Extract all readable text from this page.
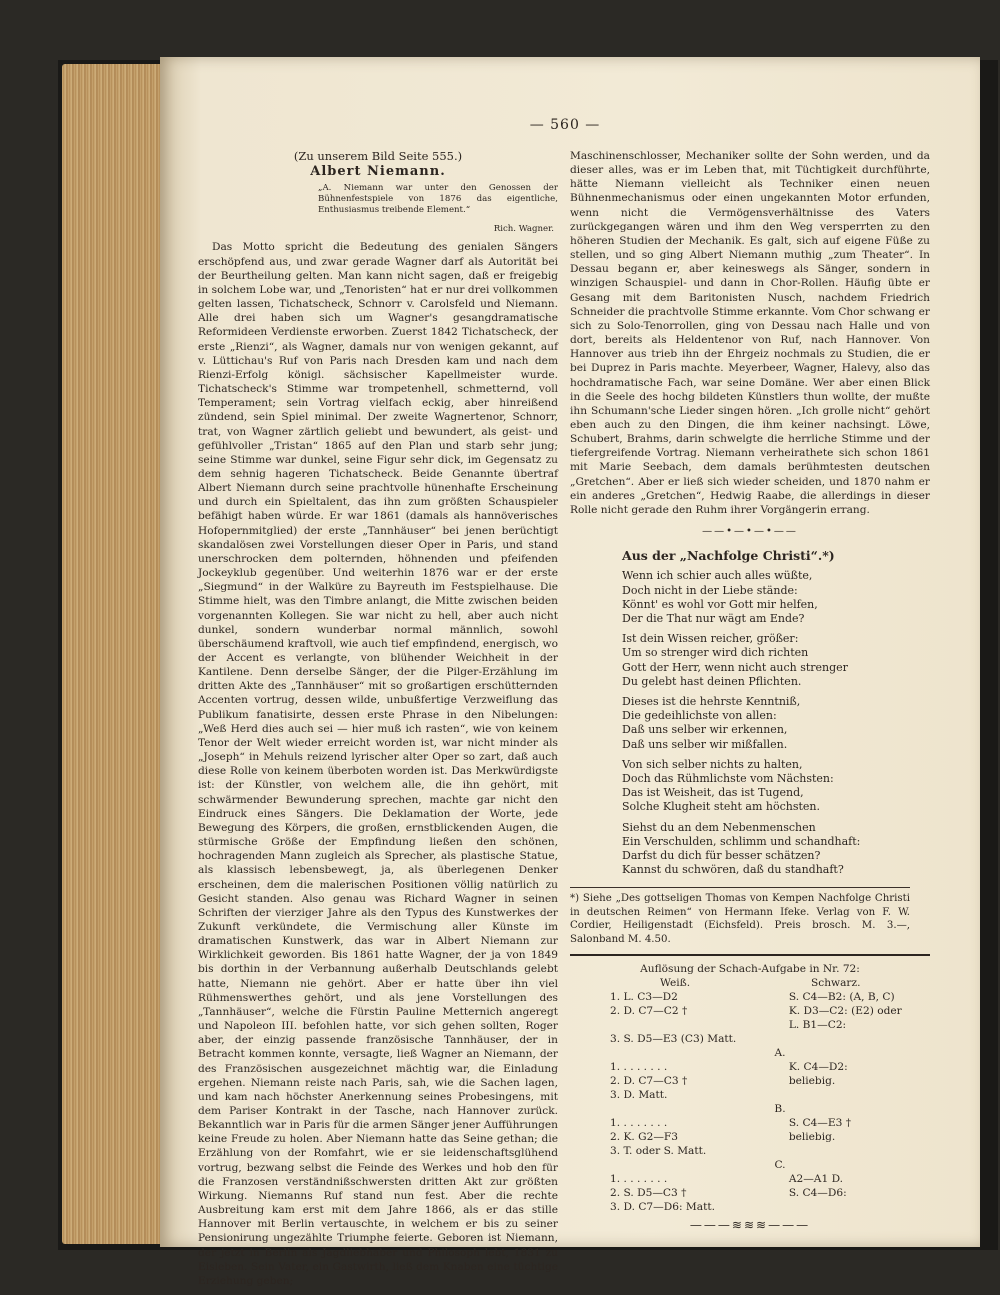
— 560 —
(Zu unserem Bild Seite 555.)
Albert Niemann.
„A. Niemann war unter den Genossen der Bühnenfestspiele von 1876 das eigentliche, Enthusiasmus treibende Element.“
Rich. Wagner.

Das Motto spricht die Bedeutung des genialen Sängers erschöpfend aus, und zwar gerade Wagner darf als Autorität bei der Beurtheilung gelten. Man kann nicht sagen, daß er freigebig in solchem Lobe war, und „Tenoristen“ hat er nur drei vollkommen gelten lassen, Tichatscheck, Schnorr v. Carolsfeld und Niemann. Alle drei haben sich um Wagner's gesangdramatische Reformideen Verdienste erworben. Zuerst 1842 Tichatscheck, der erste „Rienzi“, als Wagner, damals nur von wenigen gekannt, auf v. Lüttichau's Ruf von Paris nach Dresden kam und nach dem Rienzi-Erfolg königl. sächsischer Kapellmeister wurde. Tichatscheck's Stimme war trompetenhell, schmetternd, voll Temperament; sein Vortrag vielfach eckig, aber hinreißend zündend, sein Spiel minimal. Der zweite Wagnertenor, Schnorr, trat, von Wagner zärtlich geliebt und bewundert, als geist- und gefühlvoller „Tristan“ 1865 auf den Plan und starb sehr jung; seine Stimme war dunkel, seine Figur sehr dick, im Gegensatz zu dem sehnig hageren Tichatscheck. Beide Genannte übertraf Albert Niemann durch seine prachtvolle hünenhafte Erscheinung und durch ein Spieltalent, das ihn zum größten Schauspieler befähigt haben würde. Er war 1861 (damals als hannöverisches Hofopernmitglied) der erste „Tannhäuser“ bei jenen berüchtigt skandalösen zwei Vorstellungen dieser Oper in Paris, und stand unerschrocken dem polternden, höhnenden und pfeifenden Jockeyklub gegenüber. Und weiterhin 1876 war er der erste „Siegmund“ in der Walküre zu Bayreuth im Festspielhause. Die Stimme hielt, was den Timbre anlangt, die Mitte zwischen beiden vorgenannten Kollegen. Sie war nicht zu hell, aber auch nicht dunkel, sondern wunderbar normal männlich, sowohl überschäumend kraftvoll, wie auch tief empfindend, energisch, wo der Accent es verlangte, von blühender Weichheit in der Kantilene. Denn derselbe Sänger, der die Pilger-Erzählung im dritten Akte des „Tannhäuser“ mit so großartigen erschütternden Accenten vortrug, dessen wilde, unbußfertige Verzweiflung das Publikum fanatisirte, dessen erste Phrase in den Nibelungen: „Weß Herd dies auch sei — hier muß ich rasten“, wie von keinem Tenor der Welt wieder erreicht worden ist, war nicht minder als „Joseph“ in Mehuls reizend lyrischer alter Oper so zart, daß auch diese Rolle von keinem überboten worden ist. Das Merkwürdigste ist: der Künstler, von welchem alle, die ihn gehört, mit schwärmender Bewunderung sprechen, machte gar nicht den Eindruck eines Sängers. Die Deklamation der Worte, jede Bewegung des Körpers, die großen, ernstblickenden Augen, die stürmische Größe der Empfindung ließen den schönen, hochragenden Mann zugleich als Sprecher, als plastische Statue, als klassisch lebensbewegt, ja, als überlegenen Denker erscheinen, dem die malerischen Positionen völlig natürlich zu Gesicht standen. Also genau was Richard Wagner in seinen Schriften der vierziger Jahre als den Typus des Kunstwerkes der Zukunft verkündete, die Vermischung aller Künste im dramatischen Kunstwerk, das war in Albert Niemann zur Wirklichkeit geworden. Bis 1861 hatte Wagner, der ja von 1849 bis dorthin in der Verbannung außerhalb Deutschlands gelebt hatte, Niemann nie gehört. Aber er hatte über ihn viel Rühmenswerthes gehört, und als jene Vorstellungen des „Tannhäuser“, welche die Fürstin Pauline Metternich angeregt und Napoleon III. befohlen hatte, vor sich gehen sollten, Roger aber, der einzig passende französische Tannhäuser, der in Betracht kommen konnte, versagte, ließ Wagner an Niemann, der des Französischen ausgezeichnet mächtig war, die Einladung ergehen. Niemann reiste nach Paris, sah, wie die Sachen lagen, und kam nach höchster Anerkennung seines Probesingens, mit dem Pariser Kontrakt in der Tasche, nach Hannover zurück. Bekanntlich war in Paris für die armen Sänger jener Aufführungen keine Freude zu holen. Aber Niemann hatte das Seine gethan; die Erzählung von der Romfahrt, wie er sie leidenschaftsglühend vortrug, bezwang selbst die Feinde des Werkes und hob den für die Franzosen verständnißschwersten dritten Akt zur größten Wirkung. Niemanns Ruf stand nun fest. Aber die rechte Ausbreitung kam erst mit dem Jahre 1866, als er das stille Hannover mit Berlin vertauschte, in welchem er bis zu seiner Pensionirung ungezählte Triumphe feierte. Geboren ist Niemann, der jetzt in Berlin als Jagdliebhaber und Philosoph lebt, 1831 zu Eisleben. Sein Vater, ein Gastwirth, ließ dem Knaben eine tüchtige Erziehung geben;

Maschinenschlosser, Mechaniker sollte der Sohn werden, und da dieser alles, was er im Leben that, mit Tüchtigkeit durchführte, hätte Niemann vielleicht als Techniker einen neuen Bühnenmechanismus oder einen ungekannten Motor erfunden, wenn nicht die Vermögensverhältnisse des Vaters zurückgegangen wären und ihm den Weg versperrten zu den höheren Studien der Mechanik. Es galt, sich auf eigene Füße zu stellen, und so ging Albert Niemann muthig „zum Theater“. In Dessau begann er, aber keineswegs als Sänger, sondern in winzigen Schauspiel- und dann in Chor-Rollen. Häufig übte er Gesang mit dem Baritonisten Nusch, nachdem Friedrich Schneider die prachtvolle Stimme erkannte. Vom Chor schwang er sich zu Solo-Tenorrollen, ging von Dessau nach Halle und von dort, bereits als Heldentenor von Ruf, nach Hannover. Von Hannover aus trieb ihn der Ehrgeiz nochmals zu Studien, die er bei Duprez in Paris machte. Meyerbeer, Wagner, Halevy, also das hochdramatische Fach, war seine Domäne. Wer aber einen Blick in die Seele des hochg bildeten Künstlers thun wollte, der mußte ihn Schumann'sche Lieder singen hören. „Ich grolle nicht“ gehört eben auch zu den Dingen, die ihm keiner nachsingt. Löwe, Schubert, Brahms, darin schwelgte die herrliche Stimme und der tiefergreifende Vortrag. Niemann verheirathete sich schon 1861 mit Marie Seebach, dem damals berühmtesten deutschen „Gretchen“. Aber er ließ sich wieder scheiden, und 1870 nahm er ein anderes „Gretchen“, Hedwig Raabe, die allerdings in dieser Rolle nicht gerade den Ruhm ihrer Vorgängerin errang.

——•—•—•——
Aus der „Nachfolge Christi“.*)
Wenn ich schier auch alles wüßte,
Doch nicht in der Liebe stände:
Könnt' es wohl vor Gott mir helfen,
Der die That nur wägt am Ende?
Ist dein Wissen reicher, größer:
Um so strenger wird dich richten
Gott der Herr, wenn nicht auch strenger
Du gelebt hast deinen Pflichten.
Dieses ist die hehrste Kenntniß,
Die gedeihlichste von allen:
Daß uns selber wir erkennen,
Daß uns selber wir mißfallen.
Von sich selber nichts zu halten,
Doch das Rühmlichste vom Nächsten:
Das ist Weisheit, das ist Tugend,
Solche Klugheit steht am höchsten.
Siehst du an dem Nebenmenschen
Ein Verschulden, schlimm und schandhaft:
Darfst du dich für besser schätzen?
Kannst du schwören, daß du standhaft?
*) Siehe „Des gottseligen Thomas von Kempen Nachfolge Christi in deutschen Reimen“ von Hermann Ifeke. Verlag von F. W. Cordier, Heiligenstadt (Eichsfeld). Preis brosch. M. 3.—, Salonband M. 4.50.
Auflösung der Schach-Aufgabe in Nr. 72:
Weiß.	Schwarz.
1. L. C3—D2	S. C4—B2: (A, B, C)
2. D. C7—C2 †	K. D3—C2: (E2) oder
L. B1—C2:
3. S. D5—E3 (C3) Matt.
A.
1. . . . . . . .	K. C4—D2:
2. D. C7—C3 †	beliebig.
3. D. Matt.
B.
1. . . . . . . .	S. C4—E3 †
2. K. G2—F3	beliebig.
3. T. oder S. Matt.
C.
1. . . . . . . .	A2—A1 D.
2. S. D5—C3 †	S. C4—D6:
3. D. C7—D6: Matt.
———≋≋≋———
